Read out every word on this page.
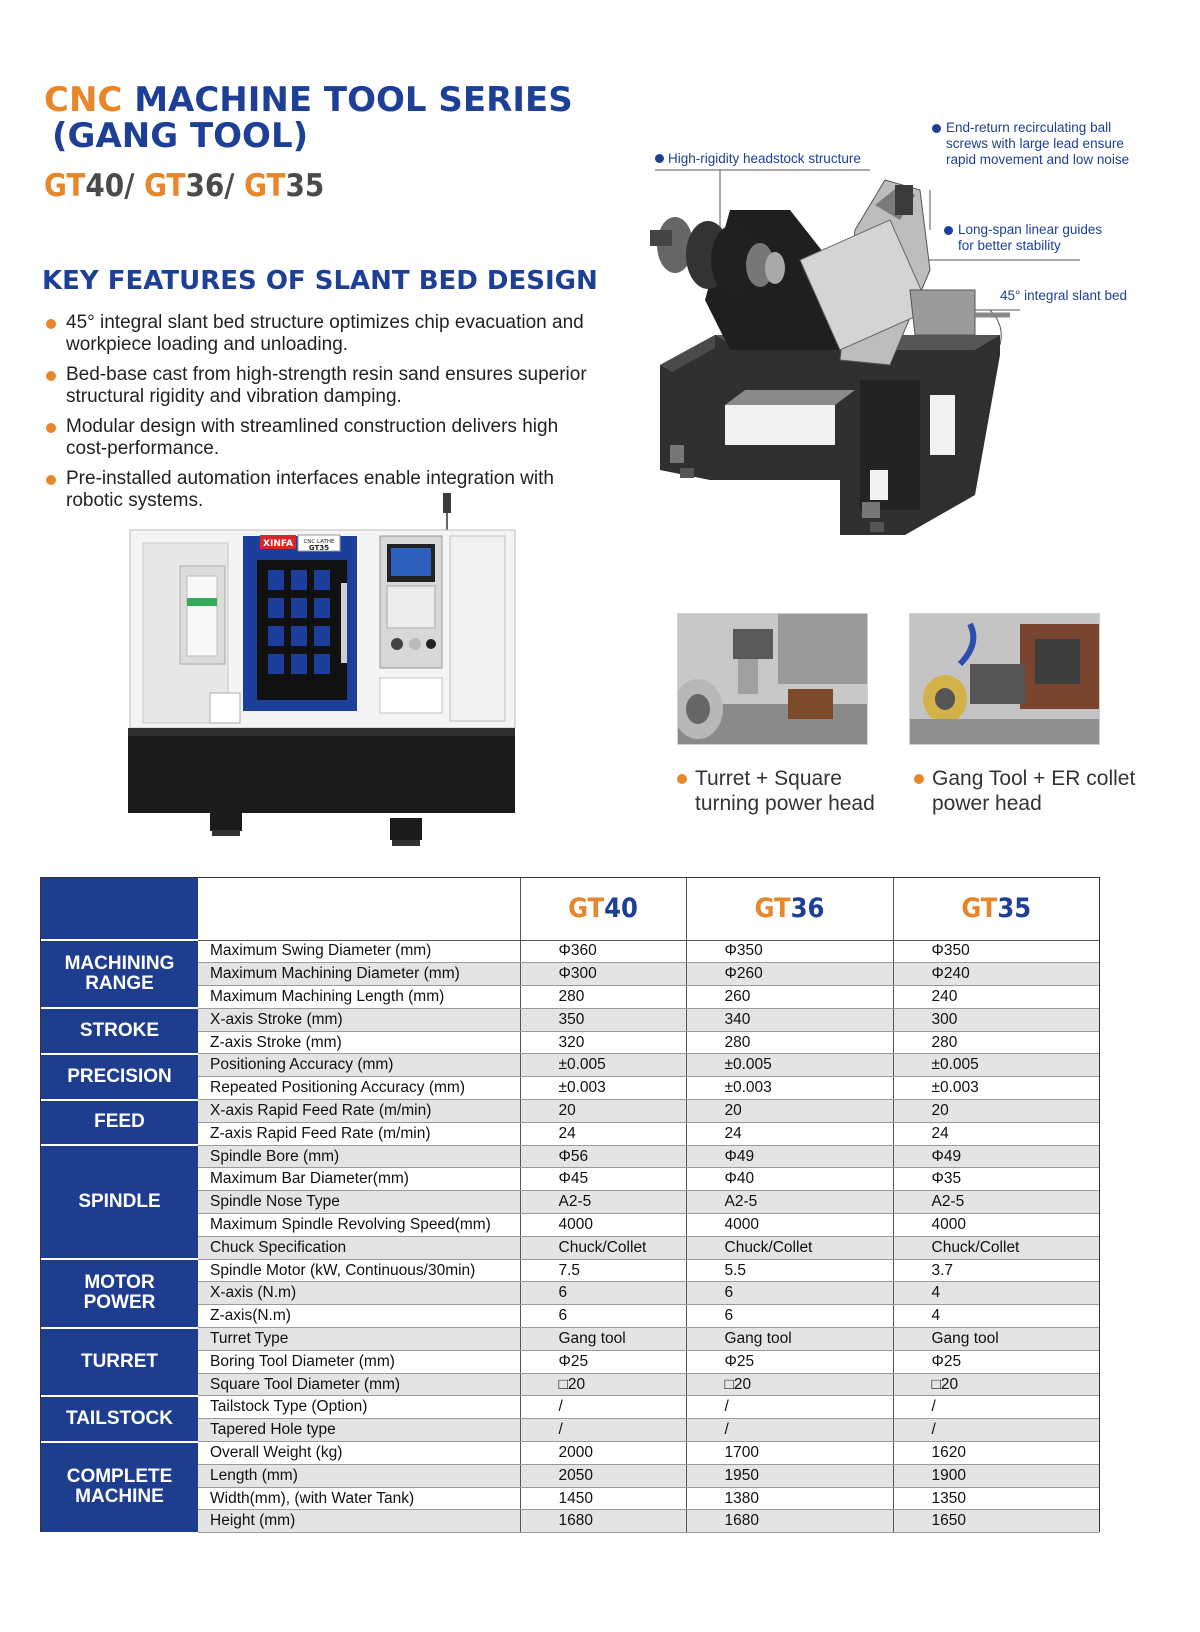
CNC MACHINE TOOL SERIES
(GANG TOOL)
GT40/ GT36/ GT35
KEY FEATURES OF SLANT BED DESIGN
45° integral slant bed structure optimizes chip evacuation and workpiece loading and unloading.
Bed-base cast from high-strength resin sand ensures superior structural rigidity and vibration damping.
Modular design with streamlined construction delivers high cost-performance.
Pre-installed automation interfaces enable integration with robotic systems.
High-rigidity headstock structure
End-return recirculating ball screws with large lead ensure rapid movement and low noise
Long-span linear guides for better stability
45° integral slant bed
XINFA CNC LATHE
GT35
Turret + Square turning power head
Gang Tool + ER collet power head
		GT40	GT36	GT35
MACHINING RANGE	Maximum Swing Diameter (mm)	Φ360	Φ350	Φ350
	Maximum Machining Diameter (mm)	Φ300	Φ260	Φ240
	Maximum Machining Length (mm)	280	260	240
STROKE	X-axis Stroke (mm)	350	340	300
	Z-axis Stroke (mm)	320	280	280
PRECISION	Positioning Accuracy (mm)	±0.005	±0.005	±0.005
	Repeated Positioning Accuracy (mm)	±0.003	±0.003	±0.003
FEED	X-axis Rapid Feed Rate (m/min)	20	20	20
	Z-axis Rapid Feed Rate (m/min)	24	24	24
SPINDLE	Spindle Bore (mm)	Φ56	Φ49	Φ49
	Maximum Bar Diameter(mm)	Φ45	Φ40	Φ35
	Spindle Nose Type	A2-5	A2-5	A2-5
	Maximum Spindle Revolving Speed(mm)	4000	4000	4000
	Chuck Specification	Chuck/Collet	Chuck/Collet	Chuck/Collet
MOTOR POWER	Spindle Motor (kW, Continuous/30min)	7.5	5.5	3.7
	X-axis (N.m)	6	6	4
	Z-axis(N.m)	6	6	4
TURRET	Turret Type	Gang tool	Gang tool	Gang tool
	Boring Tool Diameter (mm)	Φ25	Φ25	Φ25
	Square Tool Diameter (mm)	□20	□20	□20
TAILSTOCK	Tailstock Type (Option)	/	/	/
	Tapered Hole type	/	/	/
COMPLETE MACHINE	Overall Weight (kg)	2000	1700	1620
	Length (mm)	2050	1950	1900
	Width(mm), (with Water Tank)	1450	1380	1350
	Height (mm)	1680	1680	1650
